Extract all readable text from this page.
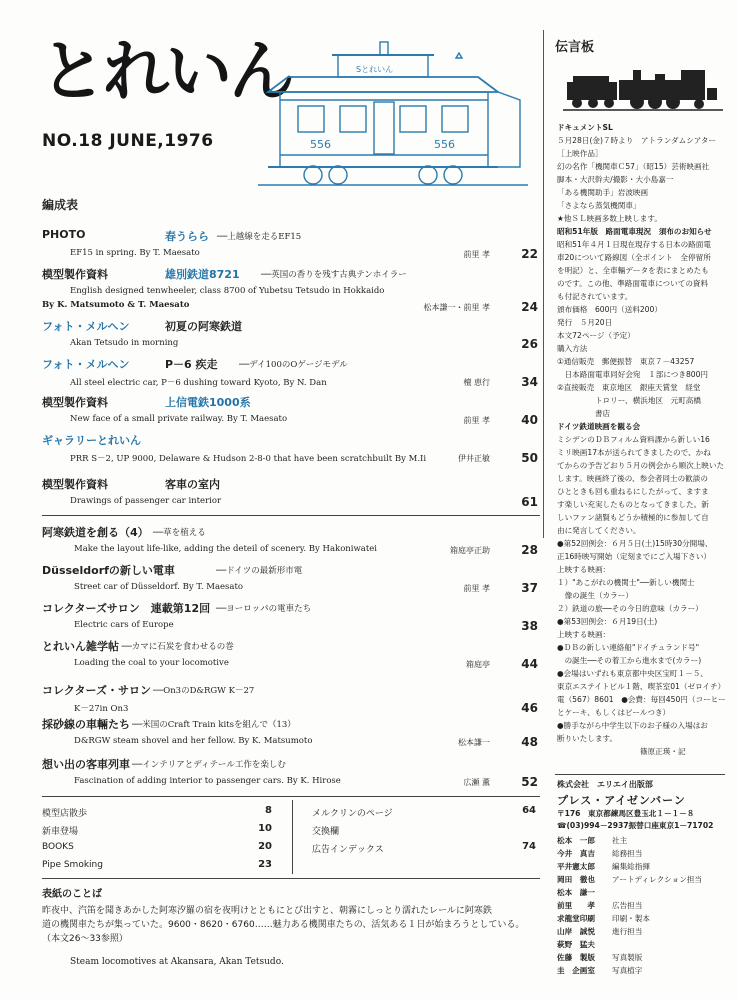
とれいん
NO.18 JUNE,1976	556	556
Sとれいん
編成表
PHOTO	春うらら ──上越線を走るEF15
EF15 in spring. By T. Maesato	前里 孝	22
模型製作資料	雄別鉄道8721	──英国の香りを残す古典テンホイラー
English designed tenwheeler, class 8700 of Yubetsu Tetsudo in Hokkaido
By K. Matsumoto & T. Maesato	松本謙一・前里 孝	24
フォト・メルヘン	初夏の阿寒鉄道
Akan Tetsudo in morning	26
フォト・メルヘン	P－6 疾走	──デイ100のOゲージモデル
All steel electric car, P－6 dushing toward Kyoto, By N. Dan	檀 恵行	34
模型製作資料	上信電鉄1000系
New face of a small private railway. By T. Maesato	前里 孝	40
ギャラリーとれいん
PRR S－2, UP 9000, Delaware & Hudson 2-8-0 that have been scratchbuilt By M.Ii	伊井正敏	50
模型製作資料	客車の室内
Drawings of passenger car interior	61
阿寒鉄道を創る（4） ──草を植える
Make the layout life-like, adding the deteil of scenery. By Hakoniwatei	箱庭亭正助	28
Düsseldorfの新しい電車	──ドイツの最新形市電
Street car of Düsseldorf. By T. Maesato	前里 孝	37
コレクターズサロン　連載第12回 ──ヨーロッパの電車たち
Electric cars of Europe	38
とれいん雑学帖 ──カマに石炭を食わせるの巻
Loading the coal to your locomotive	箱庭亭	44
コレクターズ・サロン ──On3のD&RGW K－27
K－27in On3	46
採砂線の車輛たち ──米国のCraft Train kitsを組んで（13）
D&RGW steam shovel and her fellow. By K. Matsumoto	松本謙一	48
想い出の客車列車 ──インテリアとディテール工作を楽しむ
Fascination of adding interior to passenger cars. By K. Hirose	広瀬 薫	52
模型店散歩	8
新車登場	10
BOOKS	20
Pipe Smoking	23
メルクリンのページ	64
交換欄
広告インデックス	74
表紙のことば
昨夜中、汽笛を聞きあかした阿寒汐羅の宿を夜明けとともにとび出すと、朝霧にしっとり濡れたレールに阿寒鉄
道の機関車たちが集っていた。9600・8620・6760……魅力ある機関車たちの、活気ある１日が始まろうとしている。（本文26～33参照）
Steam locomotives at Akansara, Akan Tetsudo.
伝言板
ドキュメントSL
５月28日(金)７時より　アトランダムシアター
［上映作品］
幻の名作「機関車Ｃ57」（昭15）芸術映画社
脚本・大沢幹夫/撮影・大小島嘉一
「ある機関助手」岩波映画
「さよなら蒸気機関車」
★他ＳＬ映画多数上映します。
昭和51年版　路面電車現況　須布のお知らせ
昭和51年４月１日現在現存する日本の路面電
車20について路線図（全ポイント　全停留所
を明記）と、全車輛データを表にまとめたも
のです。この他、準路面電車についての資料
も付記されています。
頒布価格　600円（送料200）
発行　５月20日
本文72ページ（予定）
購入方法
①通信販売　郵便振替　東京７－43257
　日本路面電車同好会宛　１部につき800円
②直接販売　東京地区　銀座天賞堂　経堂
　　　　　トロリー、横浜地区　元町高橋
　　　　　書店
ドイツ鉄道映画を観る会
ミシデンのＤＢフィルム資料課から新しい16
ミリ映画17本が送られてきましたので、かね
てからの予告どおり５月の例会から順次上映いた
します。映画終了後の、参会者同士の歓談の
ひとときも回も重ねるにしたがって、ますま
す楽しい充実したものとなってきました。新
しいファン諸賢もどうか積極的に参加して自
由に発言してください。
●第52回例会：６月５日(土)15時30分開場、
正16時映写開始（定刻までにご入場下さい）
上映する映画：
１）"あこがれの機関士"──新しい機関士
　像の誕生（カラー）
２）鉄道の旅──その今日的意味（カラー）
●第53回例会：６月19日(土)
上映する映画：
●ＤＢの新しい連絡船"ドイチュランド号"
　の誕生──その着工から進水まで(カラー)
●会場はいずれも東京都中央区宝町１－５、
東京エステイトビル１階、喫茶室01（ゼロイチ）
電（567）8601　●会費：毎回450円（コーヒー
とケーキ、もしくはビールつき）
●勝手ながら中学生以下のお子様の入場はお
断りいたします。
篠原正瑛・記
株式会社　エリエイ出版部
プレス・アイゼンバーン
〒176　東京都練馬区豊玉北１－１－８
☎(03)994－2937振替口座東京1－71702
松本　一郎 社主
今井　真吉 総務担当
平井憲太郎 編集総指揮
岡田　徹也 アートディレクション担当
松本　謙一
前里　　孝 広告担当
求龍堂印刷 印刷・製本
山岸　誠悦 進行担当
萩野　猛夫
佐藤　製版 写真製版
圭　企画室 写真植字
